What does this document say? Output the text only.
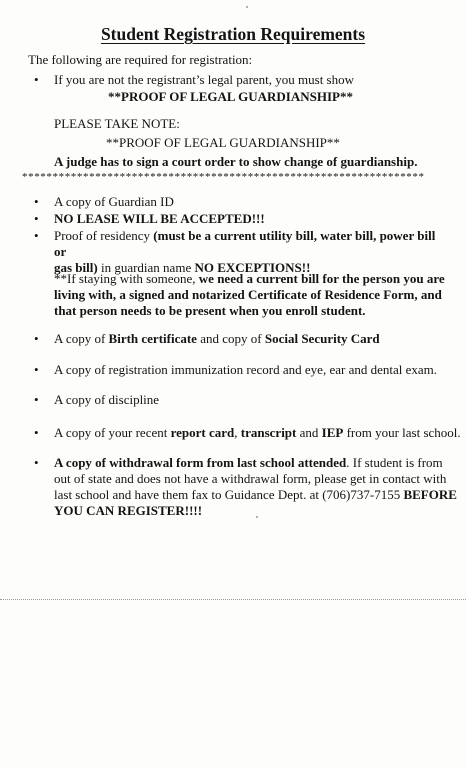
Student Registration Requirements
The following are required for registration:
• If you are not the registrant’s legal parent, you must show
**PROOF OF LEGAL GUARDIANSHIP**
PLEASE TAKE NOTE:
**PROOF OF LEGAL GUARDIANSHIP**
A judge has to sign a court order to show change of guardianship.
******************************************************************
• A copy of Guardian ID
• NO LEASE WILL BE ACCEPTED!!!
• Proof of residency (must be a current utility bill, water bill, power bill or
gas bill) in guardian name NO EXCEPTIONS!!
**If staying with someone, we need a current bill for the person you are
living with, a signed and notarized Certificate of Residence Form, and
that person needs to be present when you enroll student.
• A copy of Birth certificate and copy of Social Security Card
• A copy of registration immunization record and eye, ear and dental exam.
• A copy of discipline
• A copy of your recent report card, transcript and IEP from your last school.
• A copy of withdrawal form from last school attended. If student is from
out of state and does not have a withdrawal form, please get in contact with
last school and have them fax to Guidance Dept. at (706)737-7155 BEFORE
YOU CAN REGISTER!!!!
